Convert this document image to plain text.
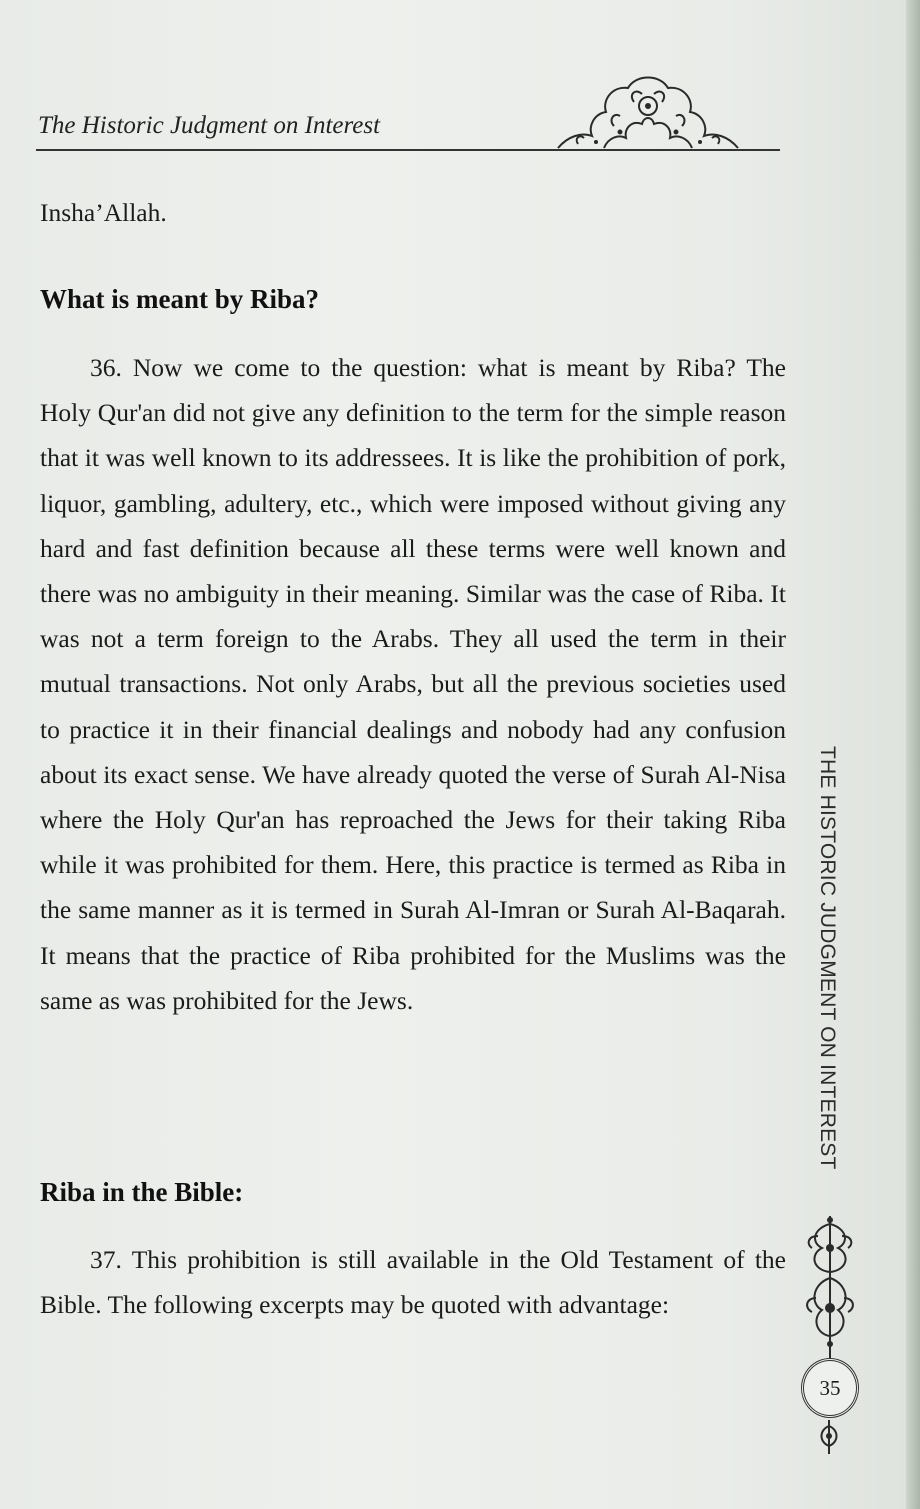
The Historic Judgment on Interest

Insha’Allah.

What is meant by Riba?

36. Now we come to the question: what is meant by Riba? The Holy Qur'an did not give any definition to the term for the simple reason that it was well known to its addressees. It is like the prohibition of pork, liquor, gambling, adultery, etc., which were imposed without giving any hard and fast definition because all these terms were well known and there was no ambiguity in their meaning. Similar was the case of Riba. It was not a term foreign to the Arabs. They all used the term in their mutual transactions. Not only Arabs, but all the previous societies used to practice it in their financial dealings and nobody had any confusion about its exact sense. We have already quoted the verse of Surah Al-Nisa where the Holy Qur'an has reproached the Jews for their taking Riba while it was prohibited for them. Here, this practice is termed as Riba in the same manner as it is termed in Surah Al-Imran or Surah Al-Baqarah. It means that the practice of Riba prohibited for the Muslims was the same as was prohibited for the Jews.

Riba in the Bible:

37. This prohibition is still available in the Old Testament of the Bible. The following excerpts may be quoted with advantage:

THE HISTORIC JUDGMENT ON INTEREST
35
